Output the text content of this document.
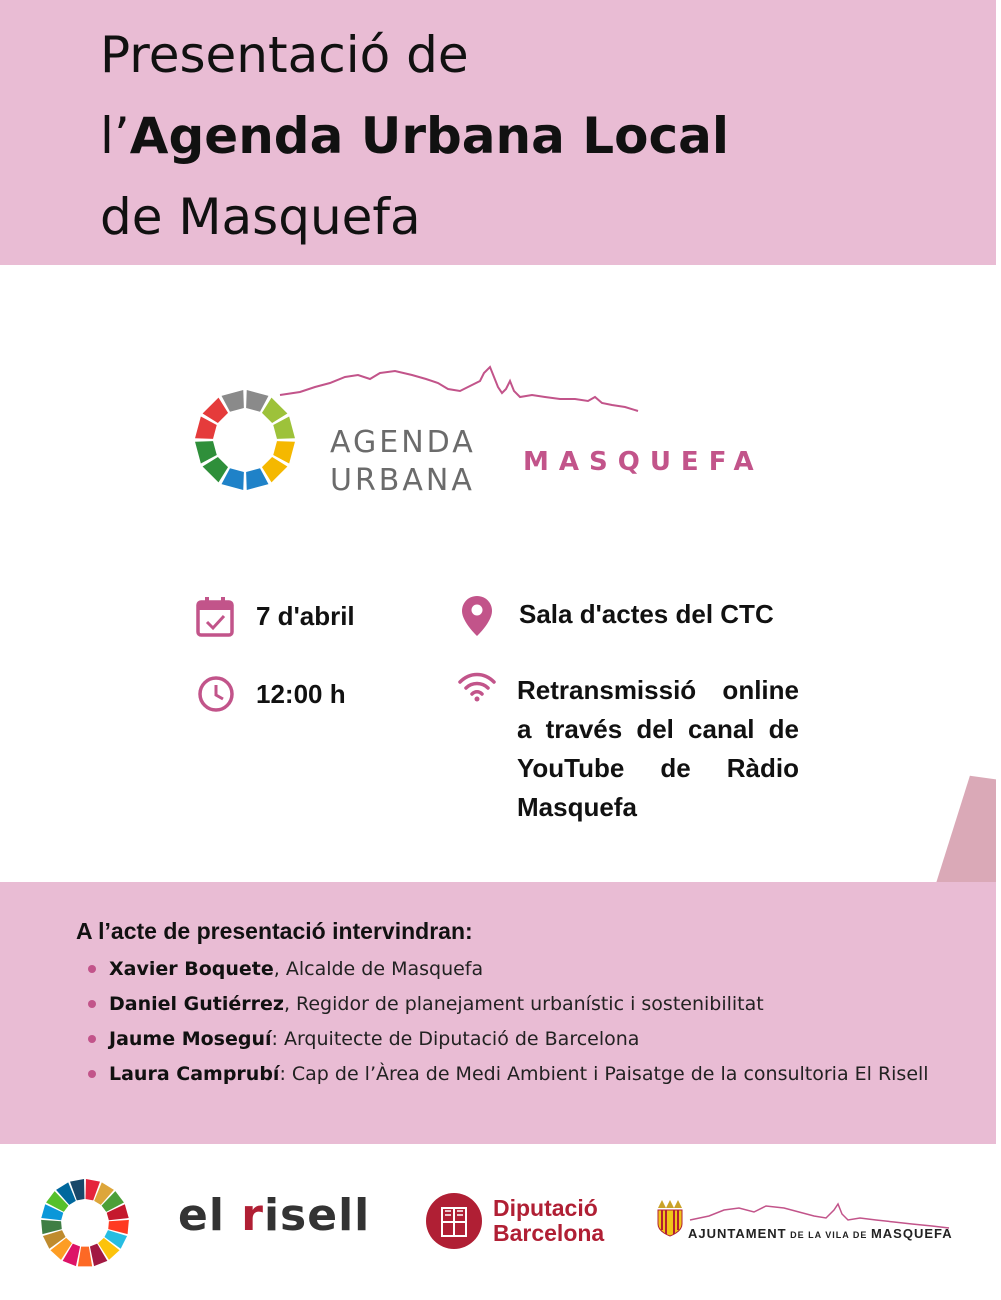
Presentació de
l’Agenda Urbana Local
de Masquefa
AGENDA
URBANA
MASQUEFA
7 d'abril
12:00 h
Sala d'actes del CTC
Retransmissió online a través del canal de YouTube de Ràdio Masquefa
A l’acte de presentació intervindran:
Xavier Boquete, Alcalde de Masquefa
Daniel Gutiérrez, Regidor de planejament urbanístic i sostenibilitat
Jaume Moseguí: Arquitecte de Diputació de Barcelona
Laura Camprubí: Cap de l’Àrea de Medi Ambient i Paisatge de la consultoria El Risell
el risell	Diputació
Barcelona	AJUNTAMENT DE LA VILA DE MASQUEFA
